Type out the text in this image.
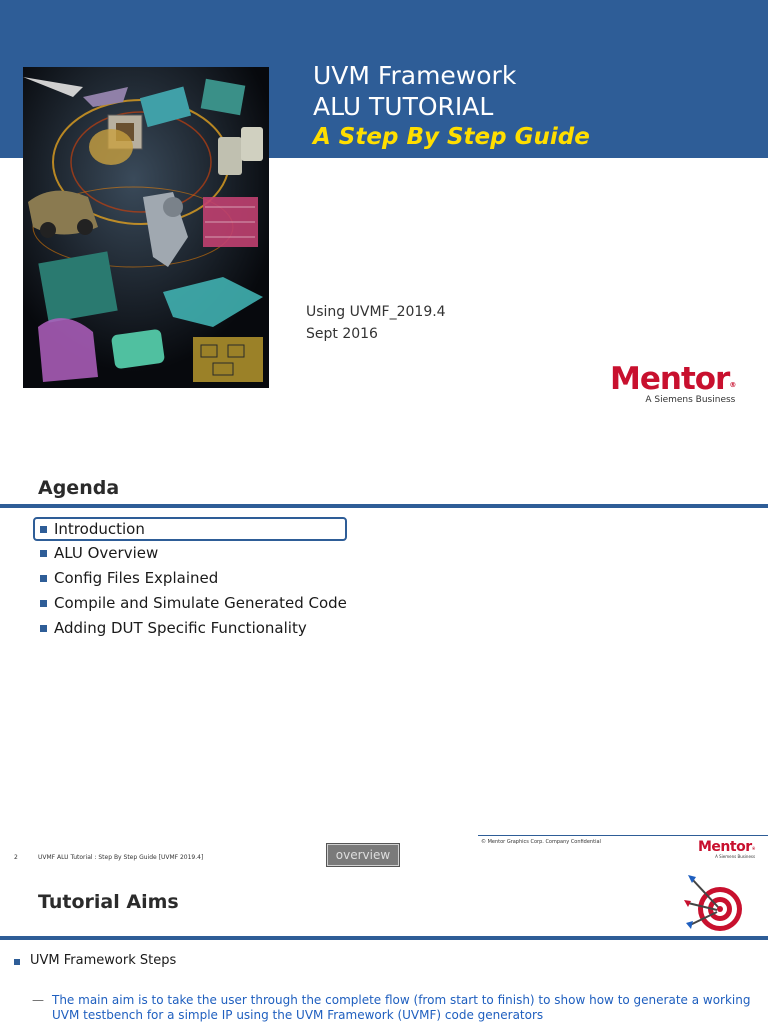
UVM Framework
ALU TUTORIAL
A Step By Step Guide
Using UVMF_2019.4
Sept 2016
Mentor®
A Siemens Business
Agenda
Introduction
ALU Overview
Config Files Explained
Compile and Simulate Generated Code
Adding DUT Specific Functionality
2	UVMF ALU Tutorial : Step By Step Guide [UVMF 2019.4]	overview
© Mentor Graphics Corp. Company Confidential	Mentor®
A Siemens Business
Tutorial Aims
UVM Framework Steps
— The main aim is to take the user through the complete flow (from start to finish) to show how to generate a working UVM testbench for a simple IP using the UVM Framework (UVMF) code generators
